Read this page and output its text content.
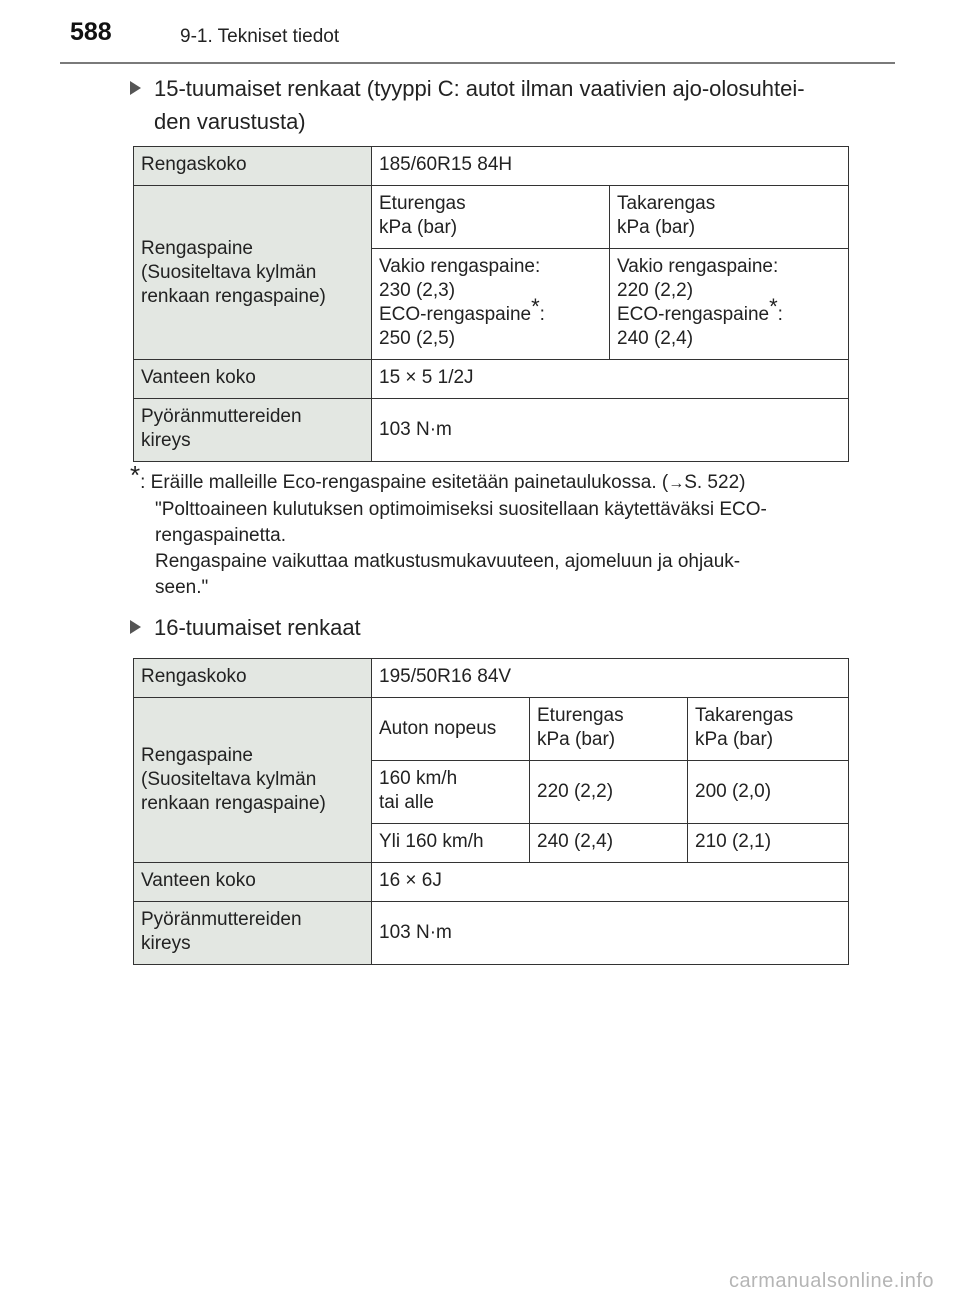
588	9-1. Tekniset tiedot
15-tuumaiset renkaat (tyyppi C: autot ilman vaativien ajo-olosuhtei-
den varustusta)
Rengaskoko	185/60R15 84H	
Rengaspaine
(Suositeltava kylmän
renkaan rengaspaine)	Eturengas
kPa (bar)	Takarengas
kPa (bar)
	Vakio rengaspaine:
230 (2,3)
ECO-rengaspaine*:
250 (2,5)	Vakio rengaspaine:
220 (2,2)
ECO-rengaspaine*:
240 (2,4)
Vanteen koko	15 × 5 1/2J	
Pyöränmuttereiden
kireys	103 N·m	
*: Eräille malleille Eco-rengaspaine esitetään painetaulukossa. (→S. 522)
"Polttoaineen kulutuksen optimoimiseksi suositellaan käytettäväksi ECO-
rengaspainetta.
Rengaspaine vaikuttaa matkustusmukavuuteen, ajomeluun ja ohjauk-
seen."
16-tuumaiset renkaat
Rengaskoko	195/50R16 84V		
Rengaspaine
(Suositeltava kylmän
renkaan rengaspaine)	Auton nopeus	Eturengas
kPa (bar)	Takarengas
kPa (bar)
	160 km/h
tai alle	220 (2,2)	200 (2,0)
	Yli 160 km/h	240 (2,4)	210 (2,1)
Vanteen koko	16 × 6J		
Pyöränmuttereiden
kireys	103 N·m		
carmanualsonline.info
